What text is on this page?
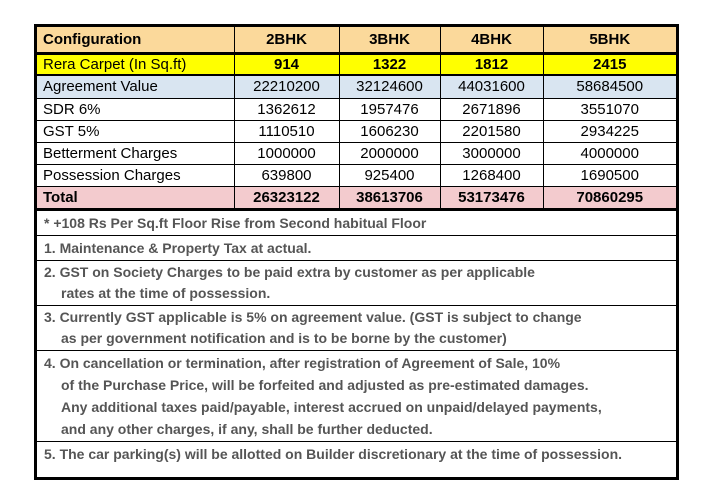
Configuration	2BHK	3BHK	4BHK	5BHK
Rera Carpet (In Sq.ft)	914	1322	1812	2415
Agreement Value	22210200	32124600	44031600	58684500
SDR 6%	1362612	1957476	2671896	3551070
GST 5%	1110510	1606230	2201580	2934225
Betterment Charges	1000000	2000000	3000000	4000000
Possession Charges	639800	925400	1268400	1690500
Total	26323122	38613706	53173476	70860295
* +108 Rs Per Sq.ft Floor Rise from Second habitual Floor
1. Maintenance & Property Tax at actual.
2. GST on Society Charges to be paid extra by customer as per applicable
rates at the time of possession.
3. Currently GST applicable is 5% on agreement value. (GST is subject to change
as per government notification and is to be borne by the customer)
4. On cancellation or termination, after registration of Agreement of Sale, 10%
of the Purchase Price, will be forfeited and adjusted as pre-estimated damages.
Any additional taxes paid/payable, interest accrued on unpaid/delayed payments,
and any other charges, if any, shall be further deducted.
5. The car parking(s) will be allotted on Builder discretionary at the time of possession.
